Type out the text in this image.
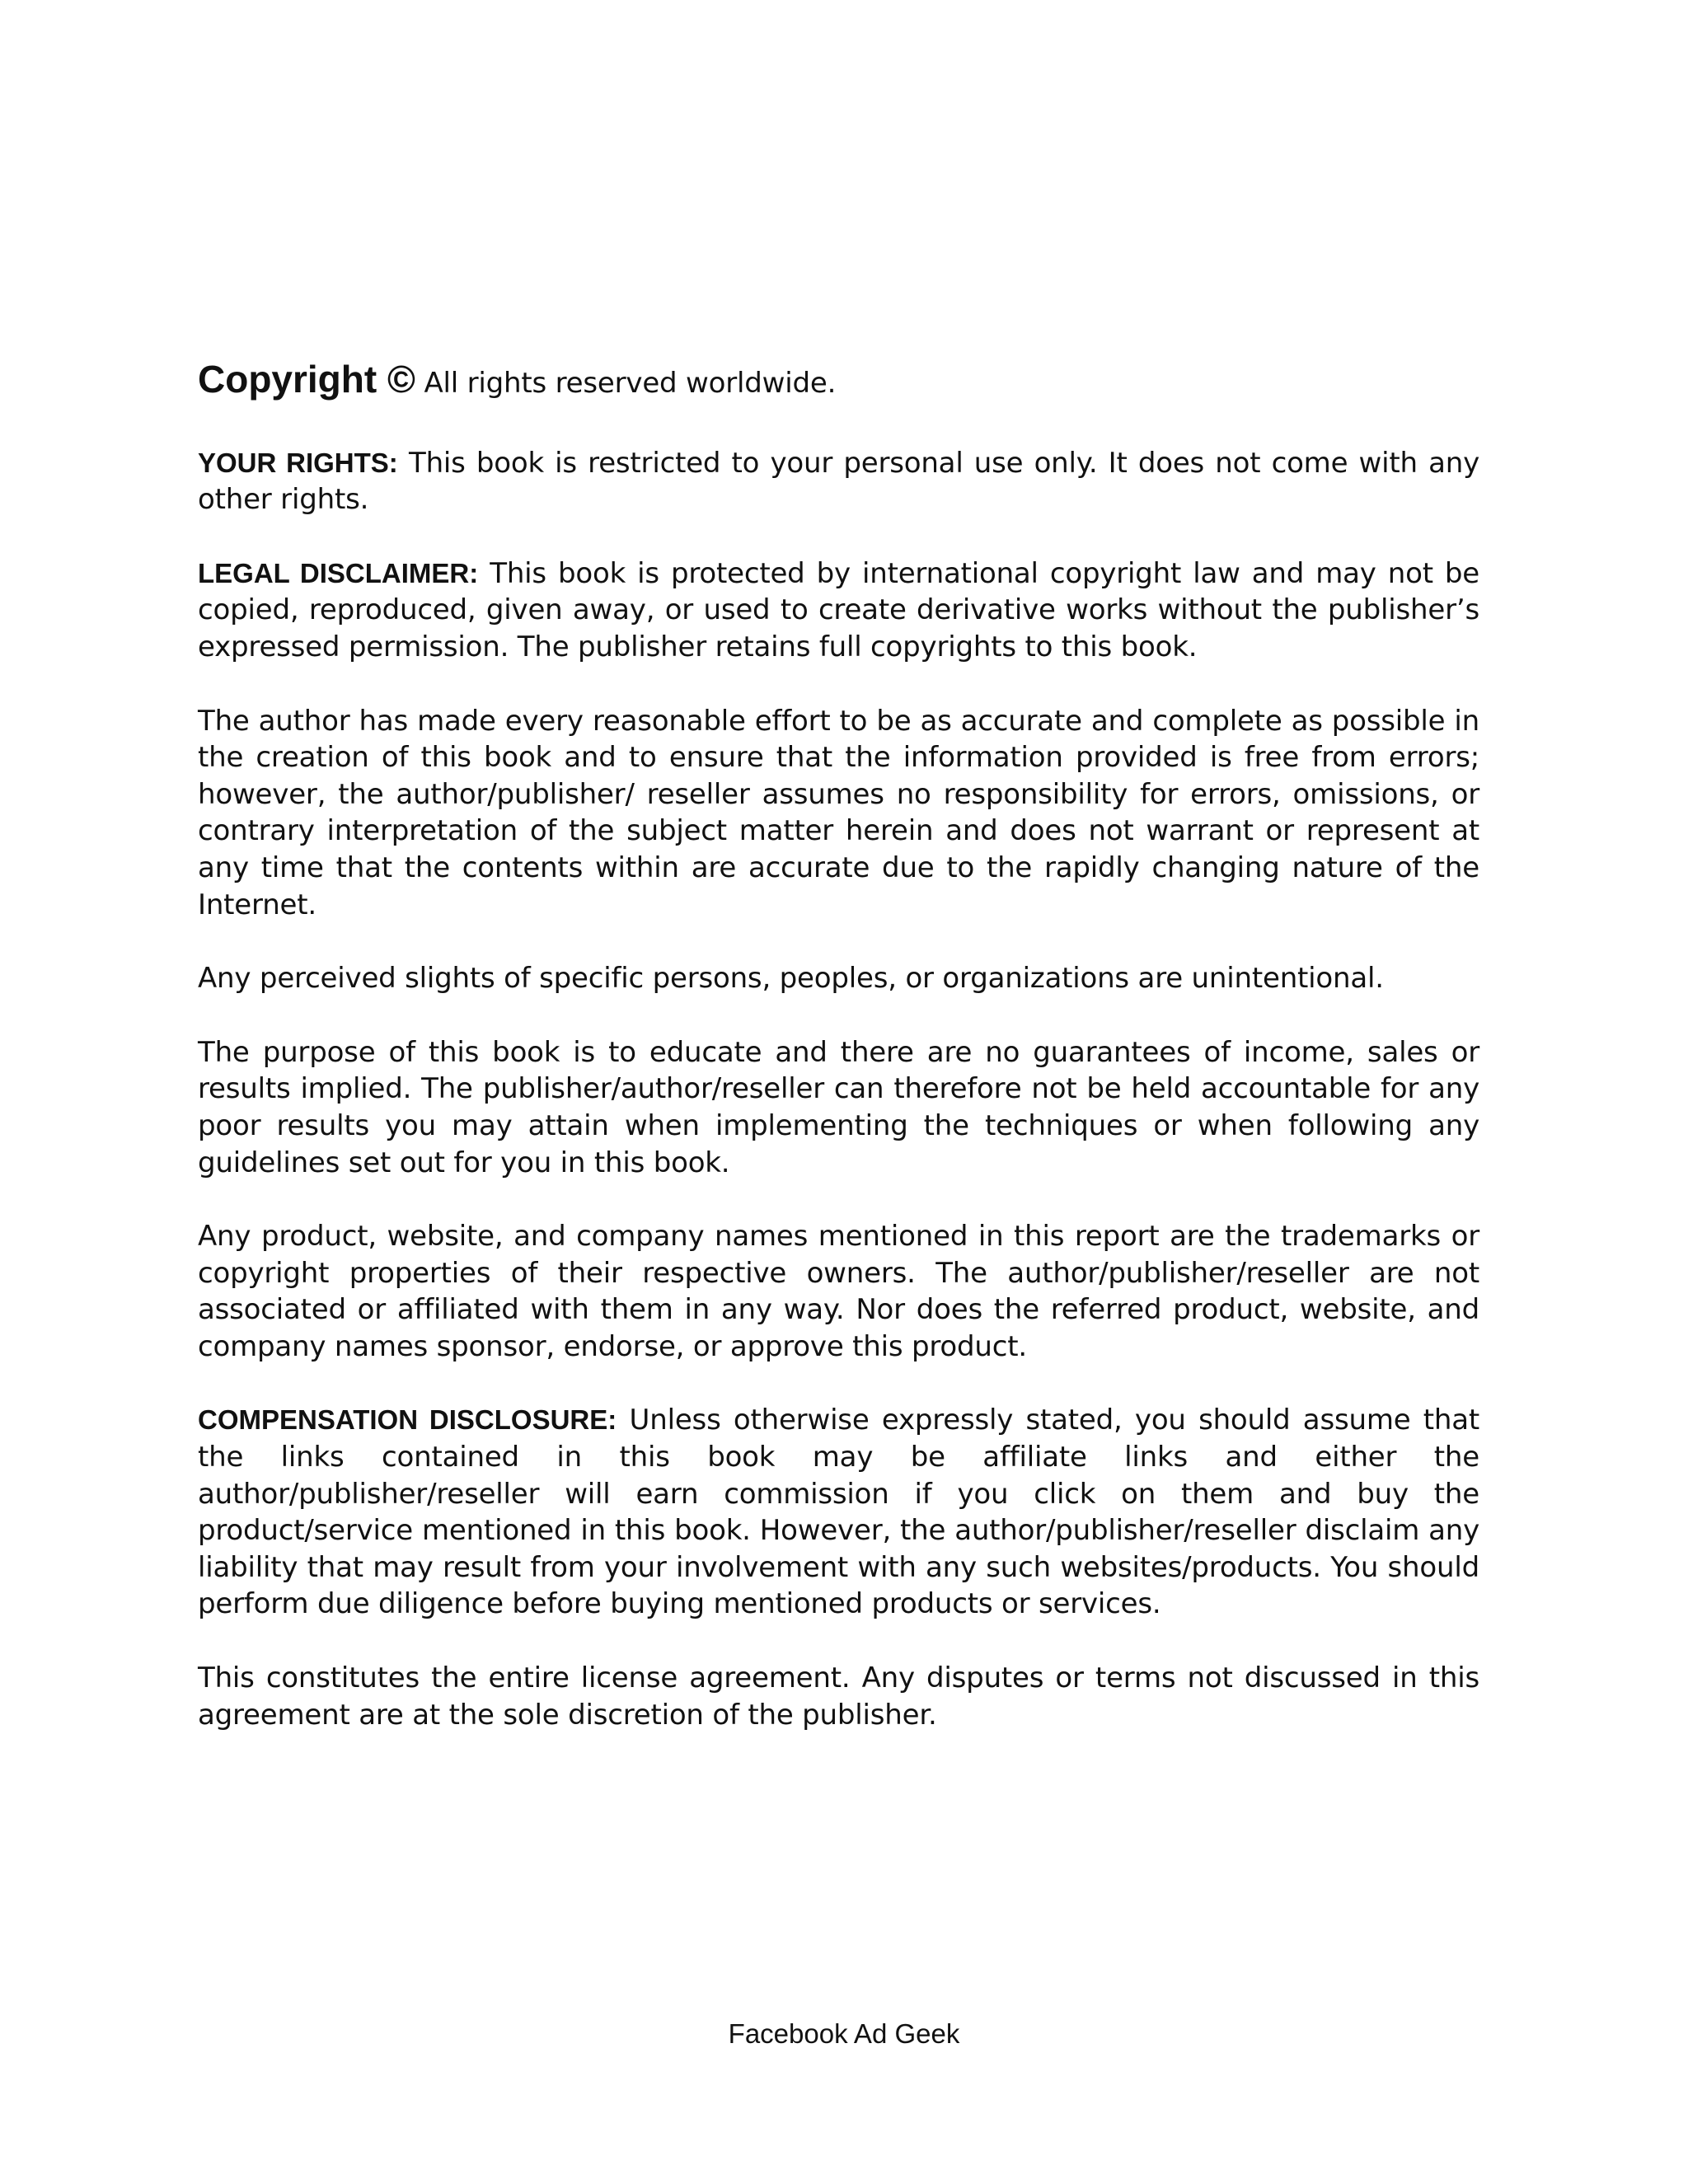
Copyright © All rights reserved worldwide.

YOUR RIGHTS: This book is restricted to your personal use only. It does not come with any other rights.

LEGAL DISCLAIMER: This book is protected by international copyright law and may not be copied, reproduced, given away, or used to create derivative works without the publisher’s expressed permission. The publisher retains full copyrights to this book.

The author has made every reasonable effort to be as accurate and complete as possible in the creation of this book and to ensure that the information provided is free from errors; however, the author/publisher/ reseller assumes no responsibility for errors, omissions, or contrary interpretation of the subject matter herein and does not warrant or represent at any time that the contents within are accurate due to the rapidly changing nature of the Internet.

Any perceived slights of specific persons, peoples, or organizations are unintentional.

The purpose of this book is to educate and there are no guarantees of income, sales or results implied. The publisher/author/reseller can therefore not be held accountable for any poor results you may attain when implementing the techniques or when following any guidelines set out for you in this book.

Any product, website, and company names mentioned in this report are the trademarks or copyright properties of their respective owners. The author/publisher/reseller are not associated or affiliated with them in any way. Nor does the referred product, website, and company names sponsor, endorse, or approve this product.

COMPENSATION DISCLOSURE: Unless otherwise expressly stated, you should assume that the links contained in this book may be affiliate links and either the author/publisher/reseller will earn commission if you click on them and buy the product/service mentioned in this book. However, the author/publisher/reseller disclaim any liability that may result from your involvement with any such websites/products. You should perform due diligence before buying mentioned products or services.

This constitutes the entire license agreement. Any disputes or terms not discussed in this agreement are at the sole discretion of the publisher.

Facebook Ad Geek
